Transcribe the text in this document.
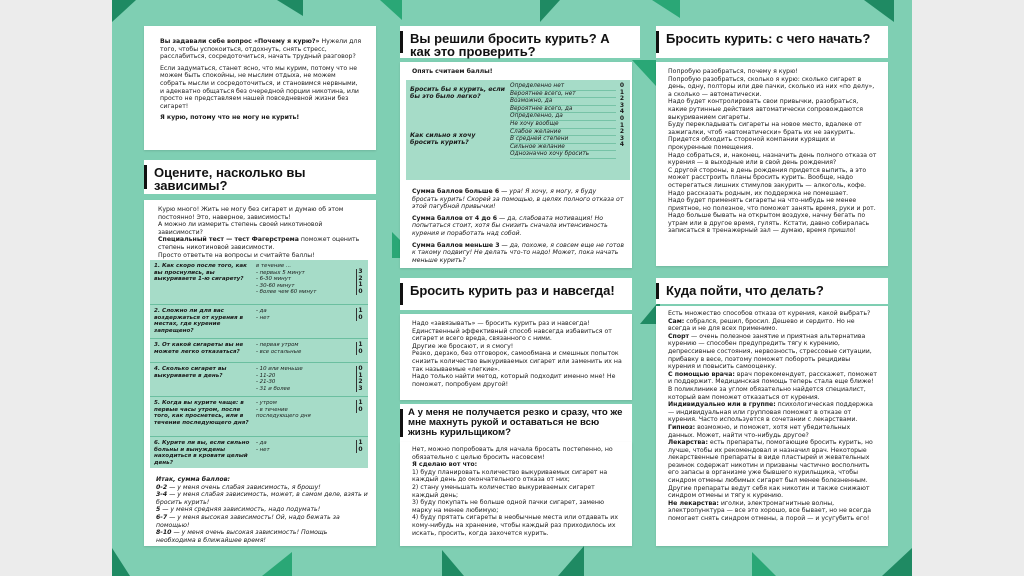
Вы задавали себе вопрос «Почему я курю?» Нужели для того, чтобы успокоиться, отдохнуть, снять стресс, расслабиться, сосредоточиться, начать трудный разговор?
Если задуматься, станет ясно, что мы курим, потому что не можем быть спокойны, не мыслим отдыха, не можем собрать мысли и сосредоточиться, и становимся нервными, и адекватно общаться без очередной порции никотина, или просто не представляем нашей повседневной жизни без сигарет!
Я курю, потому что не могу не курить!
Оцените, насколько вы зависимы?
Курю много! Жить не могу без сигарет и думаю об этом постоянно! Это, наверное, зависимость!
А можно ли измерить степень своей никотиновой зависимости?
Специальный тест — тест Фагерстрема поможет оценить степень никотиновой зависимости.
Просто ответьте на вопросы и считайте баллы!
1. Как скоро после того, как вы проснулись, вы выкуриваете 1-ю сигарету?
в течение ...
- первых 5 минут
- 6-30 минут
- 30-60 минут
- более чем 60 минут
3
2
1
0
2. Сложно ли для вас воздержаться от курения в местах, где курение запрещено?
- да
- нет
1
0
3. От какой сигареты вы не можете легко отказаться?
- первая утром
- все остальные
1
0
4. Сколько сигарет вы выкуриваете в день?
- 10 или меньше
- 11-20
- 21-30
- 31 и более
0
1
2
3
5. Когда вы курите чаще: в первые часы утром, после того, как проснетесь, или в течение последующего дня?
- утром
- в течение
последующего дня
1
0
6. Курите ли вы, если сильно больны и вынуждены находиться в кровати целый день?
- да
- нет
1
0
Итак, сумма баллов:
0-2 — у меня очень слабая зависимость, я брошу!
3-4 — у меня слабая зависимость, может, в самом деле, взять и бросить курить!
5 — у меня средняя зависимость, надо подумать!
6-7 — у меня высокая зависимость! Ой, надо бежать за помощью!
8-10 — у меня очень высокая зависимость! Помощь необходима в ближайшее время!
Вы решили бросить курить? А как это проверить?
Опять считаем баллы!
Бросить бы я курить, если бы это было легко?
Как сильно я хочу бросить курить?
Определенно нет
Вероятнее всего, нет
Возможно, да
Вероятнее всего, да
Определенно, да
Не хочу вообще
Слабое желание
В средней степени
Сильное желание
Однозначно хочу бросить
0
1
2
3
4
0
1
2
3
4
Сумма баллов больше 6 — ура! Я хочу, я могу, я буду бросать курить! Скорей за помощью, в целях полного отказа от этой пагубной привычки!
Сумма баллов от 4 до 6 — да, слабовата мотивация! Но попытаться стоит, хотя бы снизить сначала интенсивность курения и поработать над собой.
Сумма баллов меньше 3 — да, похоже, я совсем еще не готов к такому подвигу! Не делать что-то надо! Может, пока начать меньше курить?
Бросить курить раз и навсегда!
Надо «завязывать» — бросить курить раз и навсегда! Единственный эффективный способ навсегда избавиться от сигарет и всего вреда, связанного с ними.
Другие же бросают, и я смогу!
Резко, дерзко, без отговорок, самообмана и смешных попыток снизить количество выкуриваемых сигарет или заменить их на так называемые «легкие».
Надо только найти метод, который подходит именно мне! Не поможет, попробуем другой!
А у меня не получается резко и сразу, что же мне махнуть рукой и оставаться не всю жизнь курильщиком?
Нет, можно попробовать для начала бросать постепенно, но обязательно с целью бросить насовсем!
Я сделаю вот что:
1) буду планировать количество выкуриваемых сигарет на каждый день до окончательного отказа от них;
2) стану уменьшать количество выкуриваемых сигарет каждый день;
3) буду покупать не больше одной пачки сигарет, заменю марку на менее любимую;
4) буду прятать сигареты в необычные места или отдавать их кому-нибудь на хранение, чтобы каждый раз приходилось их искать, просить, когда захочется курить.
Бросить курить: с чего начать?
Попробую разобраться, почему я курю!
Попробую разобраться, сколько я курю: сколько сигарет в день, одну, полторы или две пачки, сколько из них «по делу», а сколько — автоматически.
Надо будет контролировать свои привычки, разобраться, какие рутинные действия автоматически сопровождаются выкуриванием сигареты.
Буду перекладывать сигареты на новое место, вдалеке от зажигалки, чтоб «автоматически» брать их не закурить.
Придется обходить стороной компании курящих и прокуренные помещения.
Надо собраться, и, наконец, назначить день полного отказа от курения — в выходные или в свой день рождения?
С другой стороны, в день рождения придется выпить, а это может расстроить планы бросить курить. Вообще, надо остерегаться лишних стимулов закурить — алкоголь, кофе.
Надо рассказать родным, их поддержка не помешает.
Надо будет применять сигареты на что-нибудь не менее приятное, но полезное, что поможет занять время, руки и рот.
Надо больше бывать на открытом воздухе, начну бегать по утрам или в другое время, гулять. Кстати, давно собиралась записаться в тренажерный зал — думаю, время пришло!
Куда пойти, что делать?
Есть множество способов отказа от курения, какой выбрать?
Сам: собрался, решил, бросил. Дешево и сердито. Но не всегда и не для всех применимо.
Спорт — очень полезное занятие и приятная альтернатива курению — способен предупредить тягу к курению, депрессивные состояния, нервозность, стрессовые ситуации, прибавку в весе, поэтому поможет побороть рецидивы курения и повысить самооценку.
С помощью врача: врач порекомендует, расскажет, поможет и поддержит. Медицинская помощь теперь стала еще ближе! В поликлинике за углом обязательно найдется специалист, который вам поможет отказаться от курения.
Индивидуально или в группе: психологическая поддержка — индивидуальная или групповая поможет в отказе от курения. Часто используется в сочетании с лекарствами.
Гипноз: возможно, и поможет, хотя нет убедительных данных. Может, найти что-нибудь другое?
Лекарства: есть препараты, помогающие бросить курить, но лучше, чтобы их рекомендовал и назначил врач. Некоторые лекарственные препараты в виде пластырей и жевательных резинок содержат никотин и призваны частично восполнить его запасы в организме уже бывшего курильщика, чтобы синдром отмены любимых сигарет был менее болезненным. Другие препараты ведут себя как никотин и также снижают синдром отмены и тягу к курению.
Не лекарства: иголки, электромагнитные волны, электропунктура — все это хорошо, все бывает, но не всегда помогает снять синдром отмены, а порой — и усугубить его!
